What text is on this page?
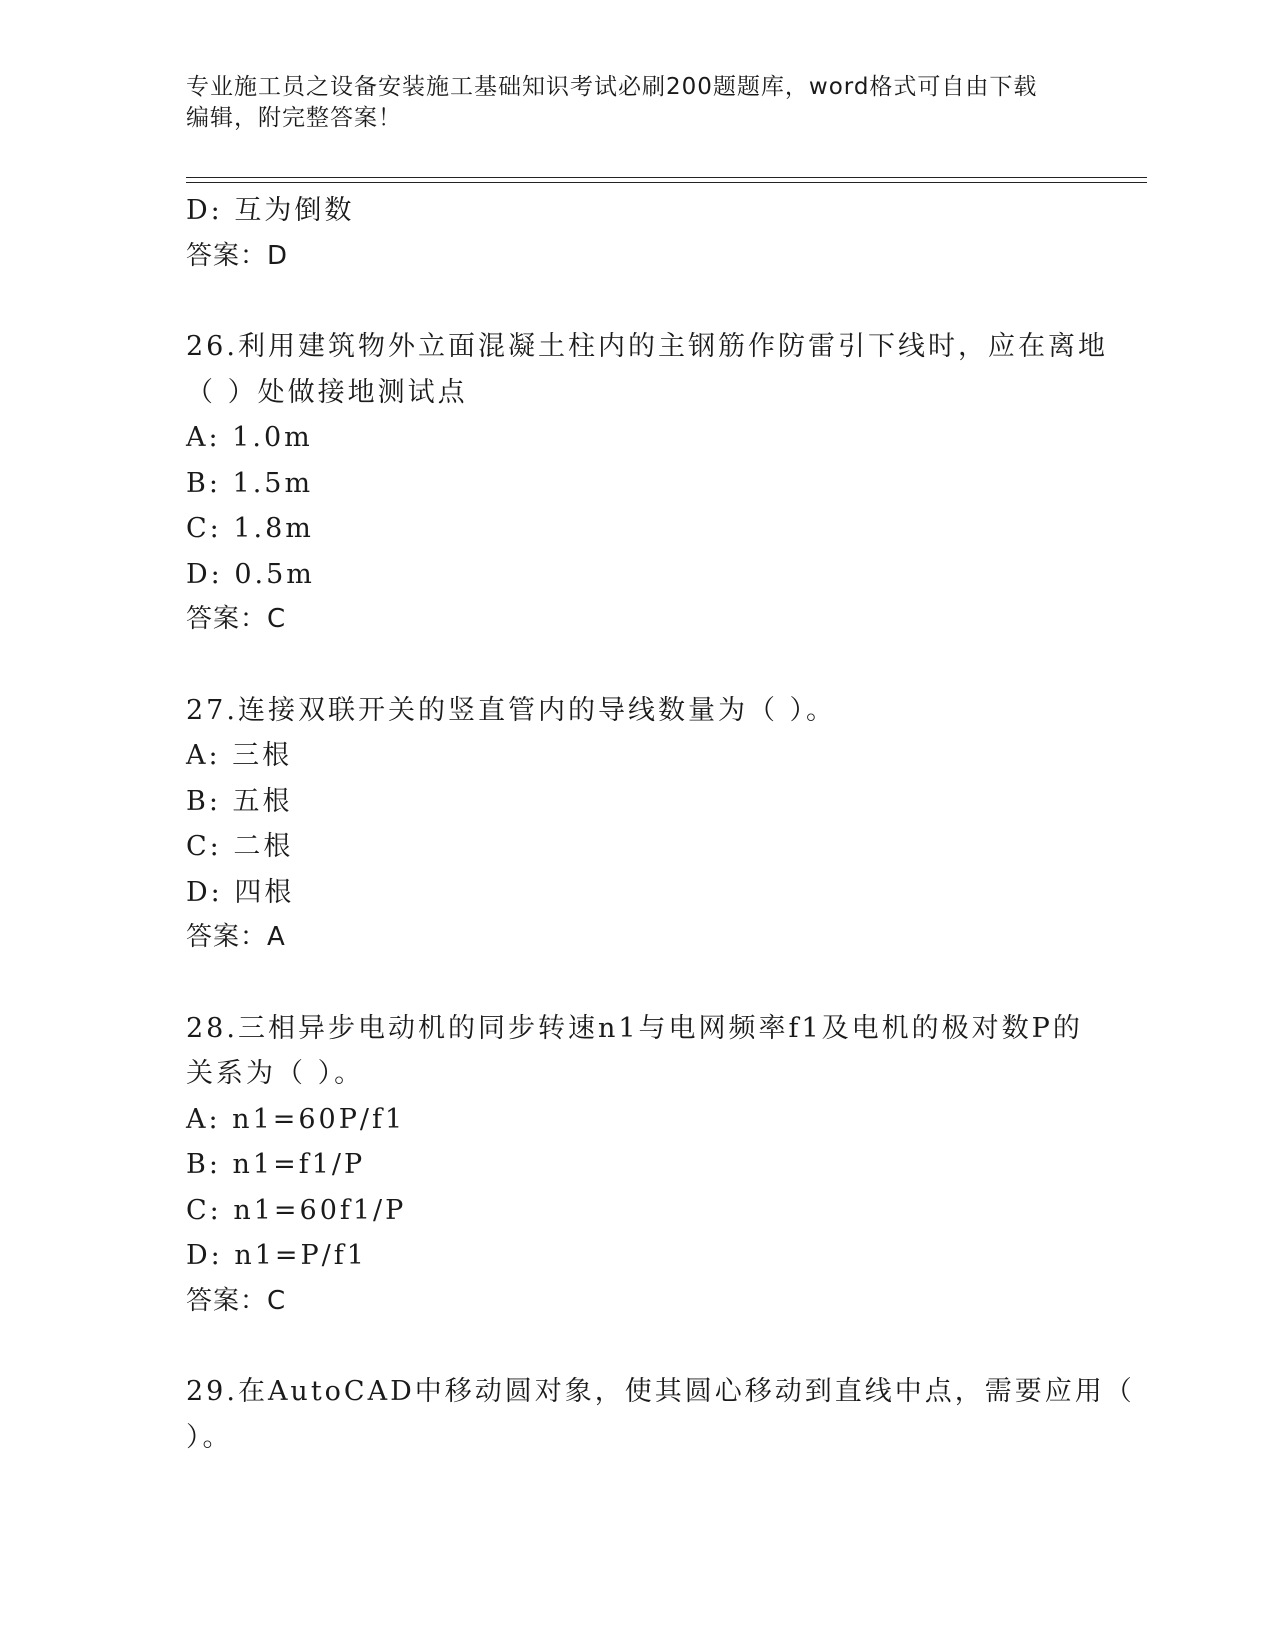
专业施工员之设备安装施工基础知识考试必刷200题题库，word格式可自由下载
编辑，附完整答案！
D: 互为倒数
答案：D
26.利用建筑物外立面混凝土柱内的主钢筋作防雷引下线时，应在离地
（ ）处做接地测试点
A: 1.0m
B: 1.5m
C: 1.8m
D: 0.5m
答案：C
27.连接双联开关的竖直管内的导线数量为（ ）。
A: 三根
B: 五根
C: 二根
D: 四根
答案：A
28.三相异步电动机的同步转速n1与电网频率f1及电机的极对数P的
关系为（ ）。
A: n1=60P/f1
B: n1=f1/P
C: n1=60f1/P
D: n1=P/f1
答案：C
29.在AutoCAD中移动圆对象，使其圆心移动到直线中点，需要应用（
）。
